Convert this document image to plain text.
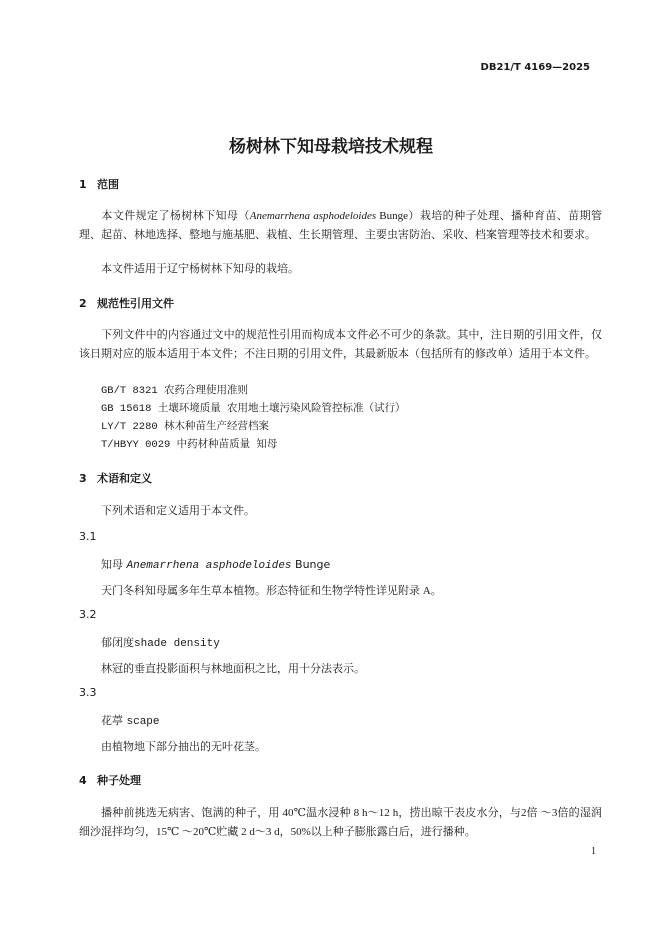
DB21/T 4169—2025
杨树林下知母栽培技术规程
1 范围
本文件规定了杨树林下知母（Anemarrhena asphodeloides Bunge）栽培的种子处理、播种育苗、苗期管理、起苗、林地选择、整地与施基肥、栽植、生长期管理、主要虫害防治、采收、档案管理等技术和要求。
本文件适用于辽宁杨树林下知母的栽培。
2 规范性引用文件
下列文件中的内容通过文中的规范性引用而构成本文件必不可少的条款。其中，注日期的引用文件，仅该日期对应的版本适用于本文件；不注日期的引用文件，其最新版本（包括所有的修改单）适用于本文件。
GB/T 8321 农药合理使用准则
GB 15618 土壤环境质量 农用地土壤污染风险管控标准（试行）
LY/T 2280 林木种苗生产经营档案
T/HBYY 0029 中药材种苗质量 知母
3 术语和定义
下列术语和定义适用于本文件。
3.1
知母 Anemarrhena asphodeloides Bunge
天门冬科知母属多年生草本植物。形态特征和生物学特性详见附录 A。
3.2
郁闭度shade density
林冠的垂直投影面积与林地面积之比，用十分法表示。
3.3
花葶 scape
由植物地下部分抽出的无叶花茎。
4 种子处理
播种前挑选无病害、饱满的种子，用 40℃温水浸种 8 h～12 h，捞出晾干表皮水分，与2倍 ～3倍的湿润细沙混拌均匀，15℃ ～20℃贮藏 2 d～3 d，50%以上种子膨胀露白后，进行播种。
1
